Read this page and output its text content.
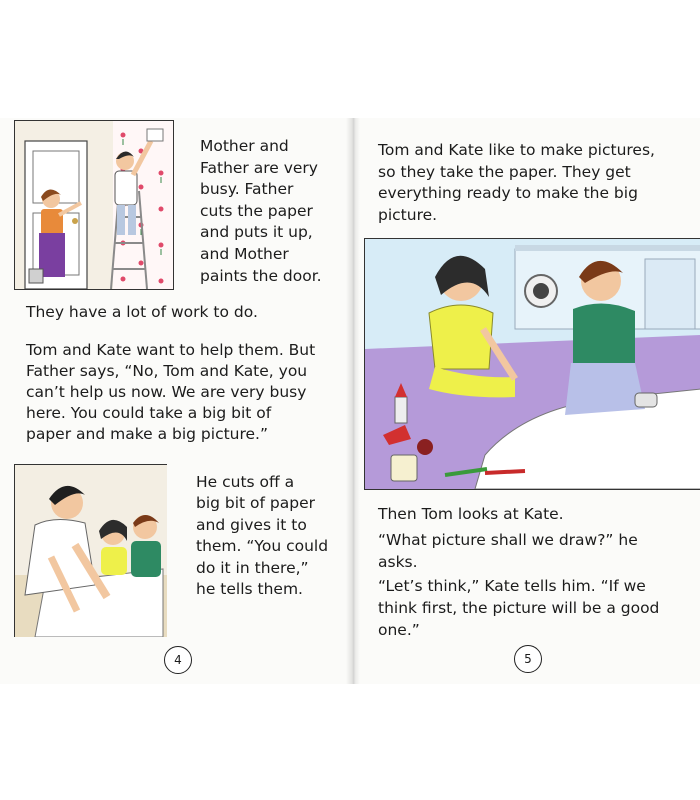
Mother and

Father are very

busy. Father

cuts the paper

and puts it up,

and Mother

paints the door.

They have a lot of work to do.

Tom and Kate want to help them. But

Father says, “No, Tom and Kate, you

can’t help us now. We are very busy

here. You could take a big bit of

paper and make a big picture.”

He cuts off a

big bit of paper

and gives it to

them. “You could

do it in there,”

he tells them.

4

Tom and Kate like to make pictures,

so they take the paper. They get

everything ready to make the big

picture.

Then Tom looks at Kate.

“What picture shall we draw?” he

asks.

“Let’s think,” Kate tells him. “If we

think first, the picture will be a good

one.”

5
